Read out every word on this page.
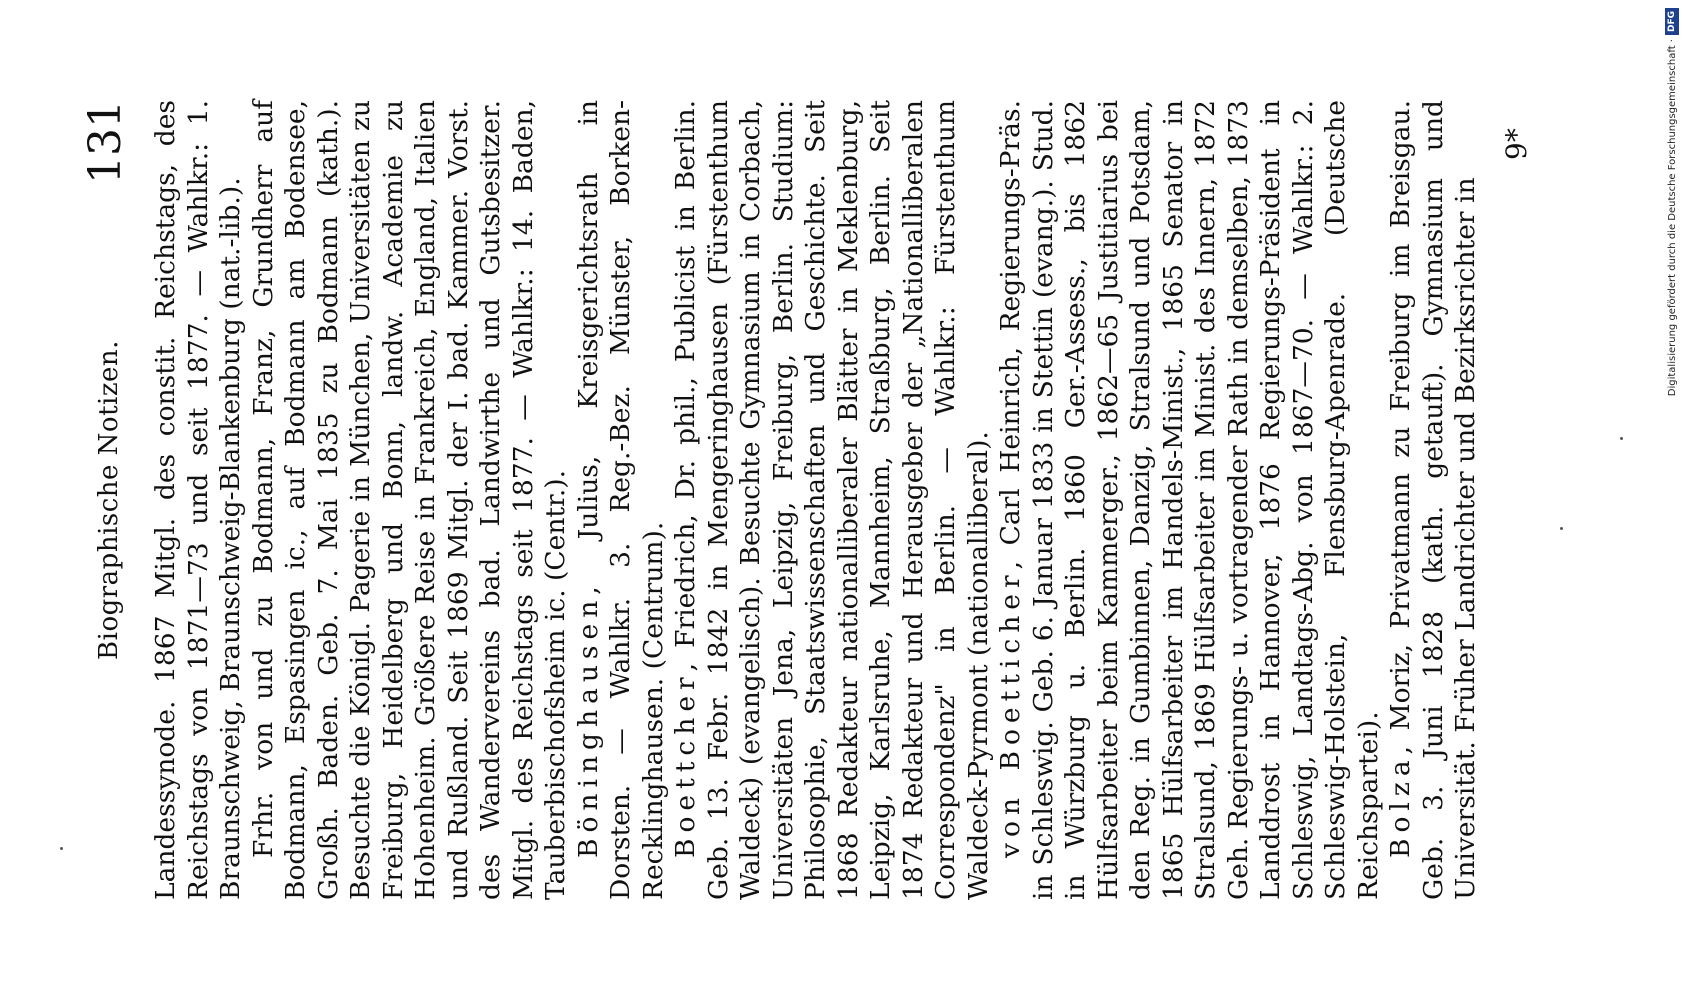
Biographische Notizen.
131 Landessynode. 1867 Mitgl. des constit. Reichstags, des Reichstags von 1871—73 und seit 1877. — Wahlkr.: 1. Braunschweig, Braunschweig-Blankenburg (nat.-lib.). Frhr. von und zu Bodmann, Franz, Grundherr auf Bodmann, Espasingen ic., auf Bodmann am Bodensee, Großh. Baden. Geb. 7. Mai 1835 zu Bodmann (kath.). Besuchte die Königl. Pagerie in München, Universitäten zu Freiburg, Heidelberg und Bonn, landw. Academie zu Hohenheim. Größere Reise in Frankreich, England, Italien und Rußland. Seit 1869 Mitgl. der I. bad. Kammer. Vorst. des Wandervereins bad. Landwirthe und Gutsbesitzer. Mitgl. des Reichstags seit 1877. — Wahlkr.: 14. Baden, Tauberbischofsheim ic. (Centr.). Böninghausen, Julius, Kreisgerichtsrath in Dorsten. — Wahlkr. 3. Reg.-Bez. Münster, Borken-Recklinghausen. (Centrum). Boettcher, Friedrich, Dr. phil., Publicist in Berlin. Geb. 13. Febr. 1842 in Mengeringhausen (Fürstenthum Waldeck) (evangelisch). Besuchte Gymnasium in Corbach, Universitäten Jena, Leipzig, Freiburg, Berlin. Studium: Philosophie, Staatswissenschaften und Geschichte. Seit 1868 Redakteur nationalliberaler Blätter in Meklenburg, Leipzig, Karlsruhe, Mannheim, Straßburg, Berlin. Seit 1874 Redakteur und Herausgeber der „Nationalliberalen Correspondenz" in Berlin. — Wahlkr.: Fürstenthum Waldeck-Pyrmont (nationalliberal). von Boetticher, Carl Heinrich, Regierungs-Präs. in Schleswig. Geb. 6. Januar 1833 in Stettin (evang.). Stud. in Würzburg u. Berlin. 1860 Ger.-Assess., bis 1862 Hülfsarbeiter beim Kammerger., 1862—65 Justitiarius bei den Reg. in Gumbinnen, Danzig, Stralsund und Potsdam, 1865 Hülfsarbeiter im Handels-Minist., 1865 Senator in Stralsund, 1869 Hülfsarbeiter im Minist. des Innern, 1872 Geh. Regierungs- u. vortragender Rath in demselben, 1873 Landdrost in Hannover, 1876 Regierungs-Präsident in Schleswig, Landtags-Abg. von 1867—70. — Wahlkr.: 2. Schleswig-Holstein, Flensburg-Apenrade. (Deutsche Reichspartei). Bolza, Moriz, Privatmann zu Freiburg im Breisgau. Geb. 3. Juni 1828 (kath. getauft). Gymnasium und Universität. Früher Landrichter und Bezirksrichter in

9*	Digitalisierung gefördert durch die Deutsche Forschungsgemeinschaft ·
DFG
